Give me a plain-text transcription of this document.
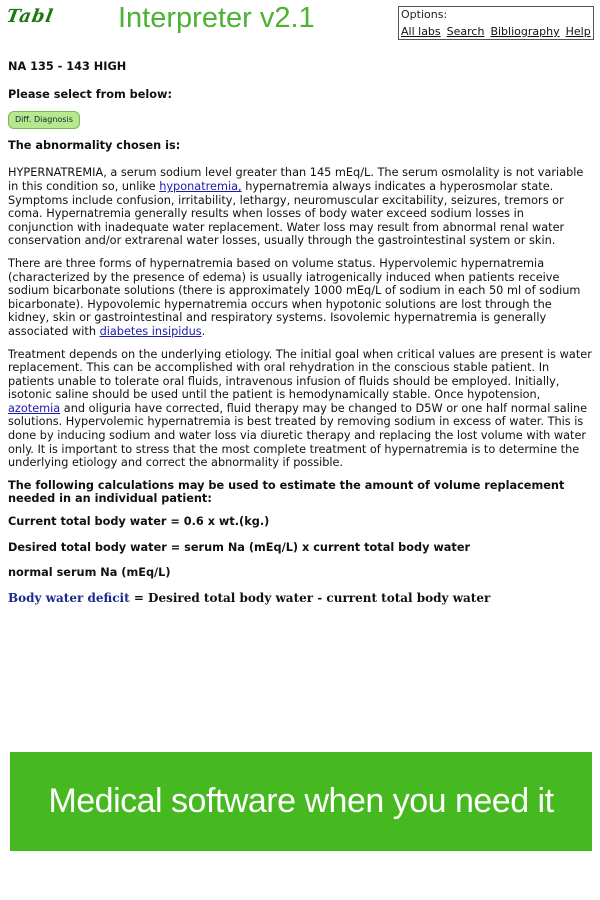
Tabl	Interpreter v2.1	Options:
All labs Search Bibliography Help
NA 135 - 143 HIGH
Please select from below:
Diff. Diagnosis
The abnormality chosen is:

HYPERNATREMIA, a serum sodium level greater than 145 mEq/L. The serum osmolality is not variable in this condition so, unlike hyponatremia, hypernatremia always indicates a hyperosmolar state. Symptoms include confusion, irritability, lethargy, neuromuscular excitability, seizures, tremors or coma. Hypernatremia generally results when losses of body water exceed sodium losses in conjunction with inadequate water replacement. Water loss may result from abnormal renal water conservation and/or extrarenal water losses, usually through the gastrointestinal system or skin.

There are three forms of hypernatremia based on volume status. Hypervolemic hypernatremia (characterized by the presence of edema) is usually iatrogenically induced when patients receive sodium bicarbonate solutions (there is approximately 1000 mEq/L of sodium in each 50 ml of sodium bicarbonate). Hypovolemic hypernatremia occurs when hypotonic solutions are lost through the kidney, skin or gastrointestinal and respiratory systems. Isovolemic hypernatremia is generally associated with diabetes insipidus.

Treatment depends on the underlying etiology. The initial goal when critical values are present is water replacement. This can be accomplished with oral rehydration in the conscious stable patient. In patients unable to tolerate oral fluids, intravenous infusion of fluids should be employed. Initially, isotonic saline should be used until the patient is hemodynamically stable. Once hypotension, azotemia and oliguria have corrected, fluid therapy may be changed to D5W or one half normal saline solutions. Hypervolemic hypernatremia is best treated by removing sodium in excess of water. This is done by inducing sodium and water loss via diuretic therapy and replacing the lost volume with water only. It is important to stress that the most complete treatment of hypernatremia is to determine the underlying etiology and correct the abnormality if possible.

The following calculations may be used to estimate the amount of volume replacement needed in an individual patient:

Current total body water = 0.6 x wt.(kg.)
Desired total body water = serum Na (mEq/L) x current total body water
normal serum Na (mEq/L)
Body water deficit = Desired total body water - current total body water
Medical software when you need it
